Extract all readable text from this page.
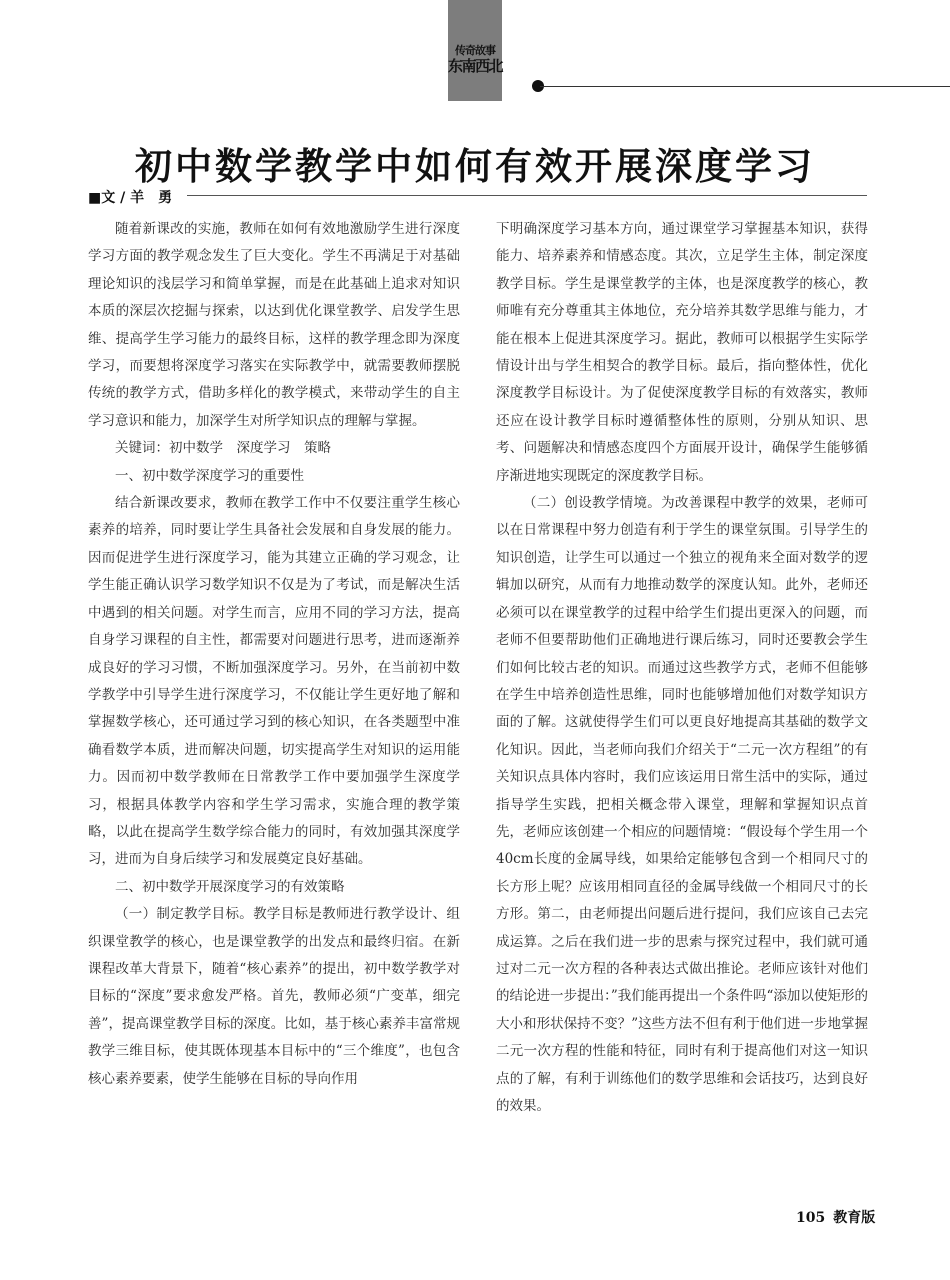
传奇故事
东南西北
初中数学教学中如何有效开展深度学习
■文 / 羊　勇

随着新课改的实施，教师在如何有效地激励学生进行深度学习方面的教学观念发生了巨大变化。学生不再满足于对基础理论知识的浅层学习和简单掌握，而是在此基础上追求对知识本质的深层次挖掘与探索，以达到优化课堂教学、启发学生思维、提高学生学习能力的最终目标，这样的教学理念即为深度学习，而要想将深度学习落实在实际教学中，就需要教师摆脱传统的教学方式，借助多样化的教学模式，来带动学生的自主学习意识和能力，加深学生对所学知识点的理解与掌握。

关键词：初中数学　深度学习　策略

一、初中数学深度学习的重要性

结合新课改要求，教师在教学工作中不仅要注重学生核心素养的培养，同时要让学生具备社会发展和自身发展的能力。因而促进学生进行深度学习，能为其建立正确的学习观念，让学生能正确认识学习数学知识不仅是为了考试，而是解决生活中遇到的相关问题。对学生而言，应用不同的学习方法，提高自身学习课程的自主性，都需要对问题进行思考，进而逐渐养成良好的学习习惯，不断加强深度学习。另外，在当前初中数学教学中引导学生进行深度学习，不仅能让学生更好地了解和掌握数学核心，还可通过学习到的核心知识，在各类题型中准确看数学本质，进而解决问题，切实提高学生对知识的运用能力。因而初中数学教师在日常教学工作中要加强学生深度学习，根据具体教学内容和学生学习需求，实施合理的教学策略，以此在提高学生数学综合能力的同时，有效加强其深度学习，进而为自身后续学习和发展奠定良好基础。

二、初中数学开展深度学习的有效策略

（一）制定教学目标。教学目标是教师进行教学设计、组织课堂教学的核心，也是课堂教学的出发点和最终归宿。在新课程改革大背景下，随着“核心素养”的提出，初中数学教学对目标的“深度”要求愈发严格。首先，教师必须“广变革，细完善”，提高课堂教学目标的深度。比如，基于核心素养丰富常规教学三维目标，使其既体现基本目标中的“三个维度”，也包含核心素养要素，使学生能够在目标的导向作用

下明确深度学习基本方向，通过课堂学习掌握基本知识，获得能力、培养素养和情感态度。其次，立足学生主体，制定深度教学目标。学生是课堂教学的主体，也是深度教学的核心，教师唯有充分尊重其主体地位，充分培养其数学思维与能力，才能在根本上促进其深度学习。据此，教师可以根据学生实际学情设计出与学生相契合的教学目标。最后，指向整体性，优化深度教学目标设计。为了促使深度教学目标的有效落实，教师还应在设计教学目标时遵循整体性的原则，分别从知识、思考、问题解决和情感态度四个方面展开设计，确保学生能够循序渐进地实现既定的深度教学目标。

（二）创设教学情境。为改善课程中教学的效果，老师可以在日常课程中努力创造有利于学生的课堂氛围。引导学生的知识创造，让学生可以通过一个独立的视角来全面对数学的逻辑加以研究，从而有力地推动数学的深度认知。此外，老师还必须可以在课堂教学的过程中给学生们提出更深入的问题，而老师不但要帮助他们正确地进行课后练习，同时还要教会学生们如何比较古老的知识。而通过这些教学方式，老师不但能够在学生中培养创造性思维，同时也能够增加他们对数学知识方面的了解。这就使得学生们可以更良好地提高其基础的数学文化知识。因此，当老师向我们介绍关于“二元一次方程组”的有关知识点具体内容时，我们应该运用日常生活中的实际，通过指导学生实践，把相关概念带入课堂，理解和掌握知识点首先，老师应该创建一个相应的问题情境：“假设每个学生用一个40cm长度的金属导线，如果给定能够包含到一个相同尺寸的长方形上呢？应该用相同直径的金属导线做一个相同尺寸的长方形。第二，由老师提出问题后进行提问，我们应该自己去完成运算。之后在我们进一步的思索与探究过程中，我们就可通过对二元一次方程的各种表达式做出推论。老师应该针对他们的结论进一步提出：”我们能再提出一个条件吗“添加以使矩形的大小和形状保持不变？”这些方法不但有利于他们进一步地掌握二元一次方程的性能和特征，同时有利于提高他们对这一知识点的了解，有利于训练他们的数学思维和会话技巧，达到良好的效果。

105 教育版
